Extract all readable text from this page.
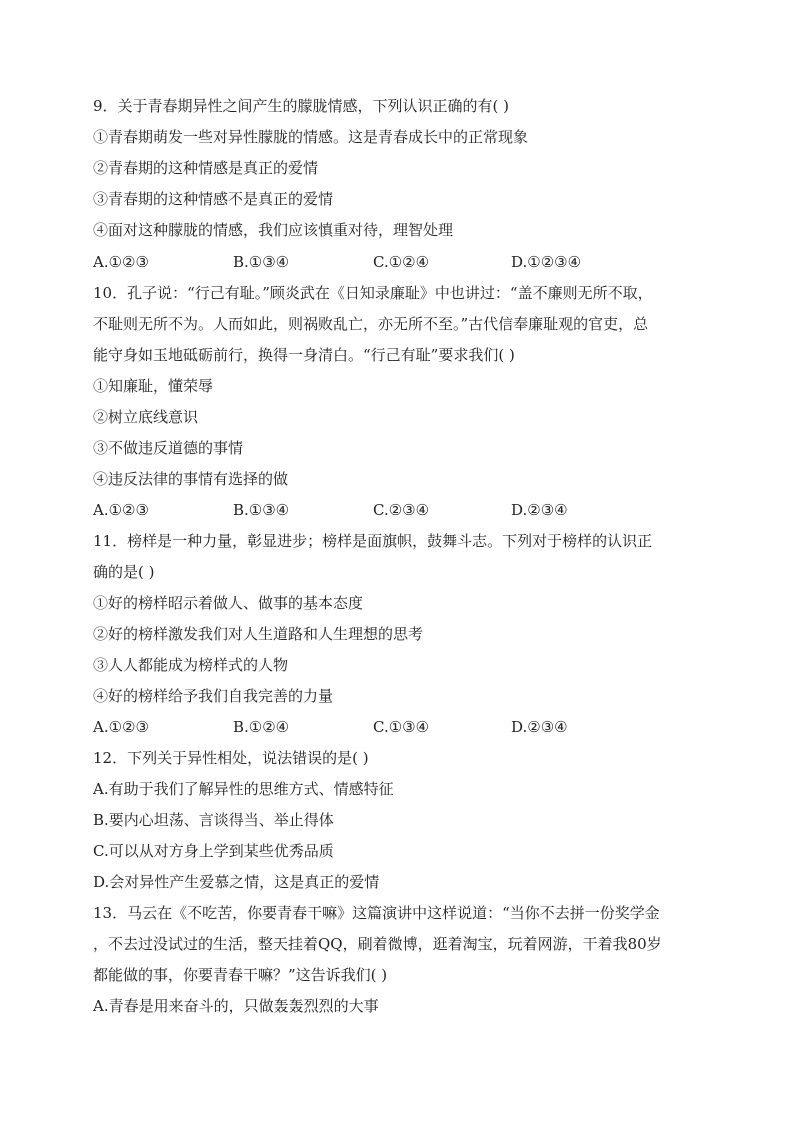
9．关于青春期异性之间产生的朦胧情感，下列认识正确的有( )
①青春期萌发一些对异性朦胧的情感。这是青春成长中的正常现象
②青春期的这种情感是真正的爱情
③青春期的这种情感不是真正的爱情
④面对这种朦胧的情感，我们应该慎重对待，理智处理
A.①②③	B.①③④	C.①②④	D.①②③④
10．孔子说：“行己有耻。”顾炎武在《日知录廉耻》中也讲过：“盖不廉则无所不取，
不耻则无所不为。人而如此，则祸败乱亡，亦无所不至。”古代信奉廉耻观的官吏，总
能守身如玉地砥砺前行，换得一身清白。“行己有耻”要求我们( )
①知廉耻，懂荣辱
②树立底线意识
③不做违反道德的事情
④违反法律的事情有选择的做
A.①②③	B.①③④	C.②③④	D.②③④
11．榜样是一种力量，彰显进步；榜样是面旗帜，鼓舞斗志。下列对于榜样的认识正
确的是( )
①好的榜样昭示着做人、做事的基本态度
②好的榜样激发我们对人生道路和人生理想的思考
③人人都能成为榜样式的人物
④好的榜样给予我们自我完善的力量
A.①②③	B.①②④	C.①③④	D.②③④
12．下列关于异性相处，说法错误的是( )
A.有助于我们了解异性的思维方式、情感特征
B.要内心坦荡、言谈得当、举止得体
C.可以从对方身上学到某些优秀品质
D.会对异性产生爱慕之情，这是真正的爱情
13．马云在《不吃苦，你要青春干嘛》这篇演讲中这样说道：“当你不去拼一份奖学金
，不去过没试过的生活，整天挂着QQ，刷着微博，逛着淘宝，玩着网游，干着我80岁
都能做的事，你要青春干嘛？”这告诉我们( )
A.青春是用来奋斗的，只做轰轰烈烈的大事
